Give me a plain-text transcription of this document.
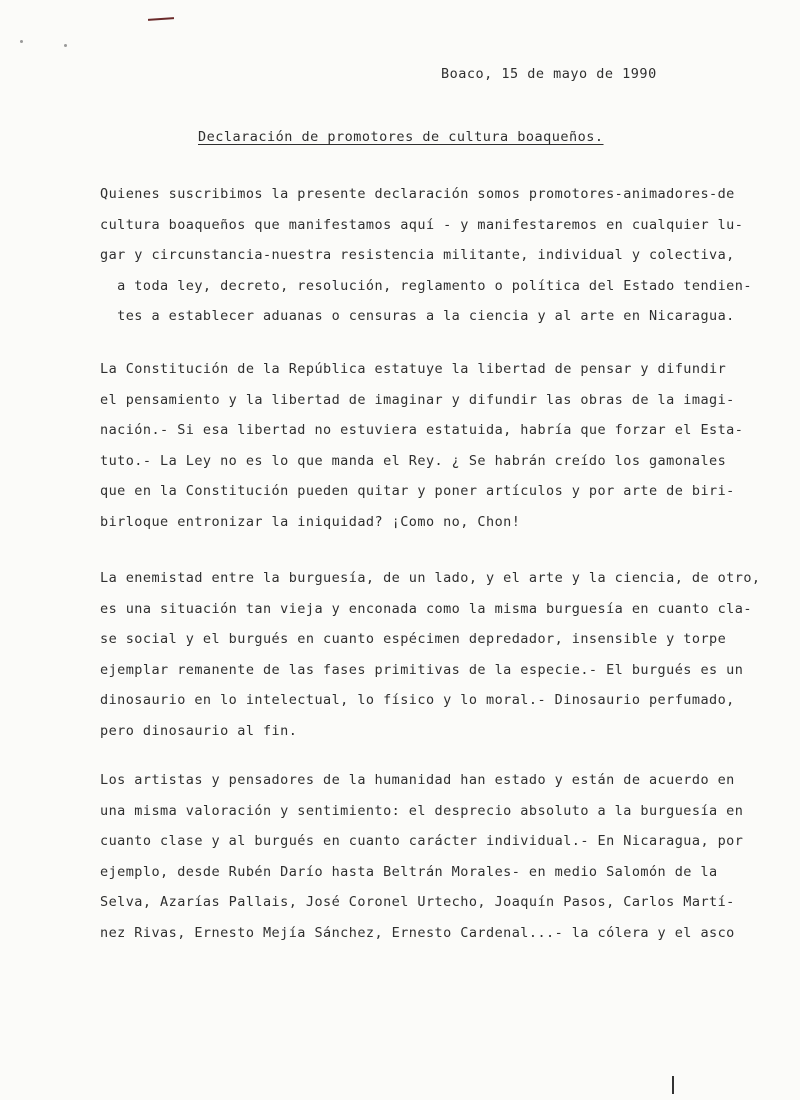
Boaco, 15 de mayo de 1990
Declaración de promotores de cultura boaqueños.
Quienes suscribimos la presente declaración somos promotores-animadores-de
cultura boaqueños que manifestamos aquí - y manifestaremos en cualquier lu-
gar y circunstancia-nuestra resistencia militante, individual y colectiva,
a toda ley, decreto, resolución, reglamento o política del Estado tendien-
tes a establecer aduanas o censuras a la ciencia y al arte en Nicaragua.
La Constitución de la República estatuye la libertad de pensar y difundir
el pensamiento y la libertad de imaginar y difundir las obras de la imagi-
nación.- Si esa libertad no estuviera estatuida, habría que forzar el Esta-
tuto.- La Ley no es lo que manda el Rey. ¿ Se habrán creído los gamonales
que en la Constitución pueden quitar y poner artículos y por arte de biri-
birloque entronizar la iniquidad? ¡Como no, Chon!
La enemistad entre la burguesía, de un lado, y el arte y la ciencia, de otro,
es una situación tan vieja y enconada como la misma burguesía en cuanto cla-
se social y el burgués en cuanto espécimen depredador, insensible y torpe
ejemplar remanente de las fases primitivas de la especie.- El burgués es un
dinosaurio en lo intelectual, lo físico y lo moral.- Dinosaurio perfumado,
pero dinosaurio al fin.
Los artistas y pensadores de la humanidad han estado y están de acuerdo en
una misma valoración y sentimiento: el desprecio absoluto a la burguesía en
cuanto clase y al burgués en cuanto carácter individual.- En Nicaragua, por
ejemplo, desde Rubén Darío hasta Beltrán Morales- en medio Salomón de la
Selva, Azarías Pallais, José Coronel Urtecho, Joaquín Pasos, Carlos Martí-
nez Rivas, Ernesto Mejía Sánchez, Ernesto Cardenal...- la cólera y el asco
